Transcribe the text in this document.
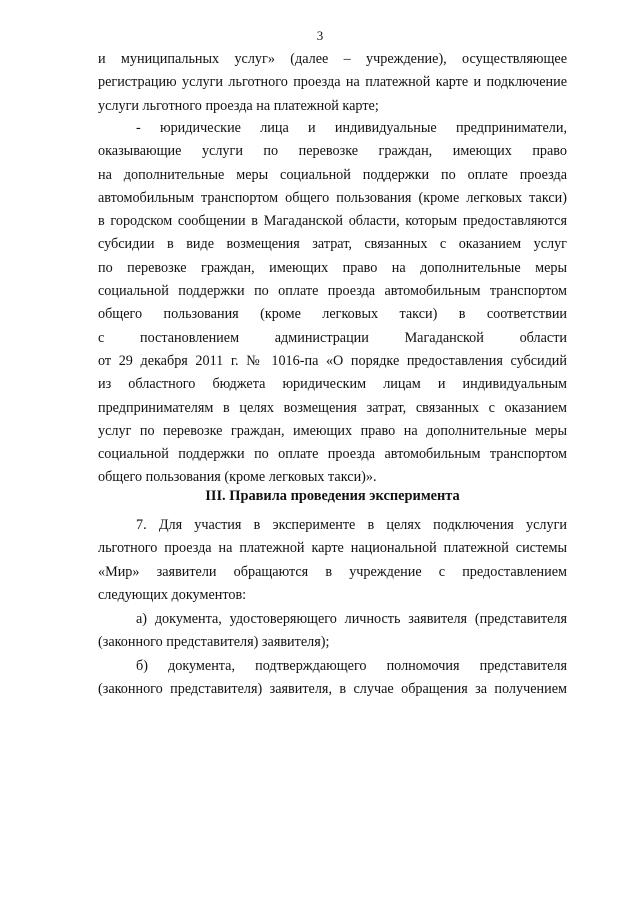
3
и муниципальных услуг» (далее – учреждение), осуществляющее
регистрацию услуги льготного проезда на платежной карте и подключение
услуги льготного проезда на платежной карте;
- юридические лица и индивидуальные предприниматели,
оказывающие услуги по перевозке граждан, имеющих право
на дополнительные меры социальной поддержки по оплате проезда
автомобильным транспортом общего пользования (кроме легковых такси)
в городском сообщении в Магаданской области, которым предоставляются
субсидии в виде возмещения затрат, связанных с оказанием услуг
по перевозке граждан, имеющих право на дополнительные меры
социальной поддержки по оплате проезда автомобильным транспортом
общего пользования (кроме легковых такси) в соответствии
с постановлением администрации Магаданской области
от 29 декабря 2011 г. № 1016-па «О порядке предоставления субсидий
из областного бюджета юридическим лицам и индивидуальным
предпринимателям в целях возмещения затрат, связанных с оказанием
услуг по перевозке граждан, имеющих право на дополнительные меры
социальной поддержки по оплате проезда автомобильным транспортом
общего пользования (кроме легковых такси)».
III. Правила проведения эксперимента
7. Для участия в эксперименте в целях подключения услуги
льготного проезда на платежной карте национальной платежной системы
«Мир» заявители обращаются в учреждение с предоставлением
следующих документов:
а) документа, удостоверяющего личность заявителя (представителя
(законного представителя) заявителя);
б) документа, подтверждающего полномочия представителя
(законного представителя) заявителя, в случае обращения за получением
